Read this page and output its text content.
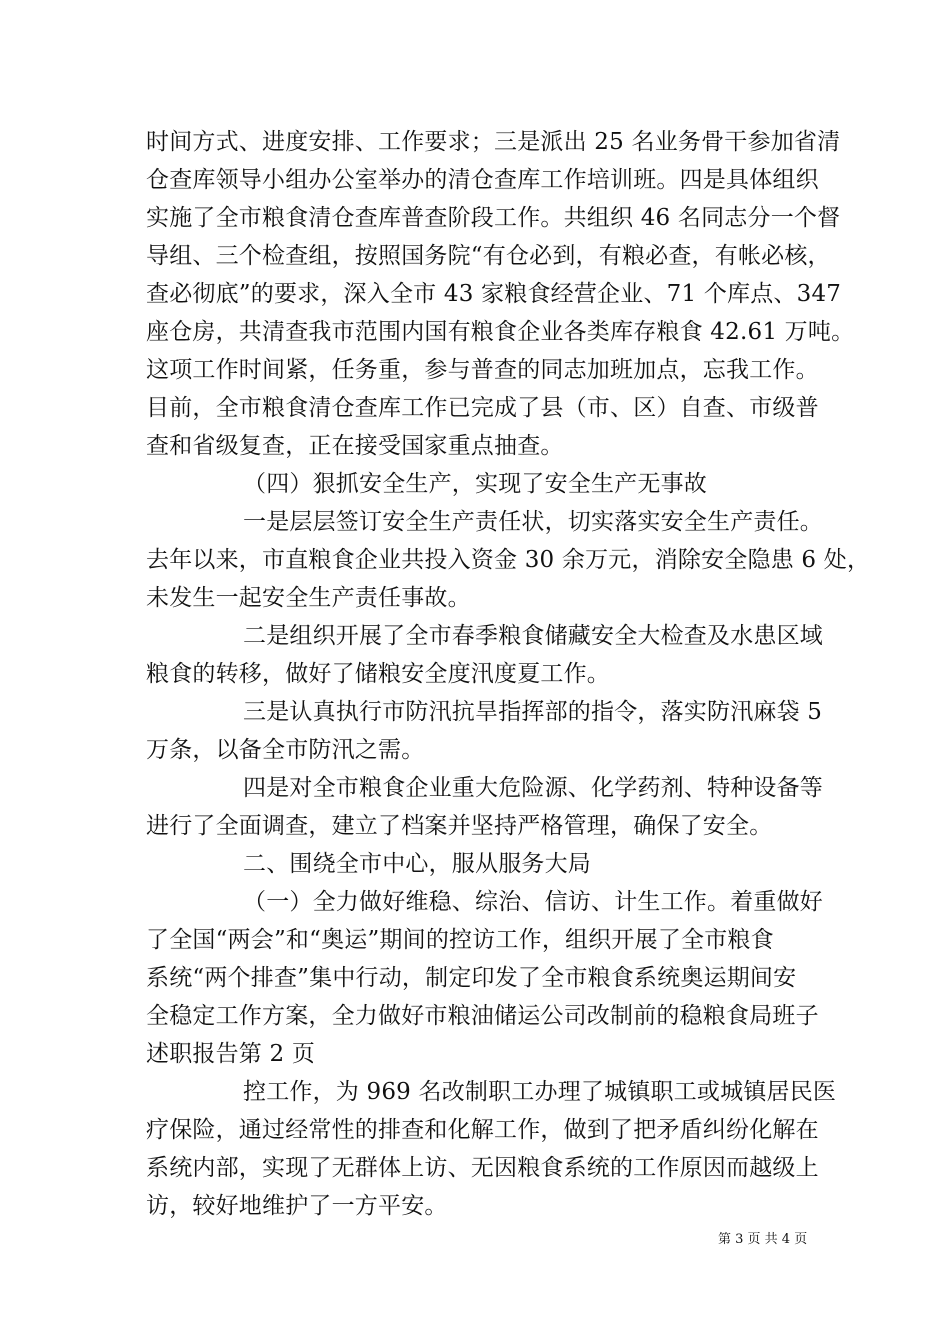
时间方式、进度安排、工作要求；三是派出 25 名业务骨干参加省清
仓查库领导小组办公室举办的清仓查库工作培训班。四是具体组织
实施了全市粮食清仓查库普查阶段工作。共组织 46 名同志分一个督
导组、三个检查组，按照国务院“有仓必到，有粮必查，有帐必核，
查必彻底”的要求，深入全市 43 家粮食经营企业、71 个库点、347
座仓房，共清查我市范围内国有粮食企业各类库存粮食 42.61 万吨。
这项工作时间紧，任务重，参与普查的同志加班加点，忘我工作。
目前，全市粮食清仓查库工作已完成了县（市、区）自查、市级普
查和省级复查，正在接受国家重点抽查。
（四）狠抓安全生产，实现了安全生产无事故
一是层层签订安全生产责任状，切实落实安全生产责任。
去年以来，市直粮食企业共投入资金 30 余万元，消除安全隐患 6 处，
未发生一起安全生产责任事故。
二是组织开展了全市春季粮食储藏安全大检查及水患区域
粮食的转移，做好了储粮安全度汛度夏工作。
三是认真执行市防汛抗旱指挥部的指令，落实防汛麻袋 5
万条，以备全市防汛之需。
四是对全市粮食企业重大危险源、化学药剂、特种设备等
进行了全面调查，建立了档案并坚持严格管理，确保了安全。
二、围绕全市中心，服从服务大局
（一）全力做好维稳、综治、信访、计生工作。着重做好
了全国“两会”和“奥运”期间的控访工作，组织开展了全市粮食
系统“两个排查”集中行动，制定印发了全市粮食系统奥运期间安
全稳定工作方案，全力做好市粮油储运公司改制前的稳粮食局班子
述职报告第 2 页
控工作，为 969 名改制职工办理了城镇职工或城镇居民医
疗保险，通过经常性的排查和化解工作，做到了把矛盾纠纷化解在
系统内部，实现了无群体上访、无因粮食系统的工作原因而越级上
访，较好地维护了一方平安。
第 3 页 共 4 页
